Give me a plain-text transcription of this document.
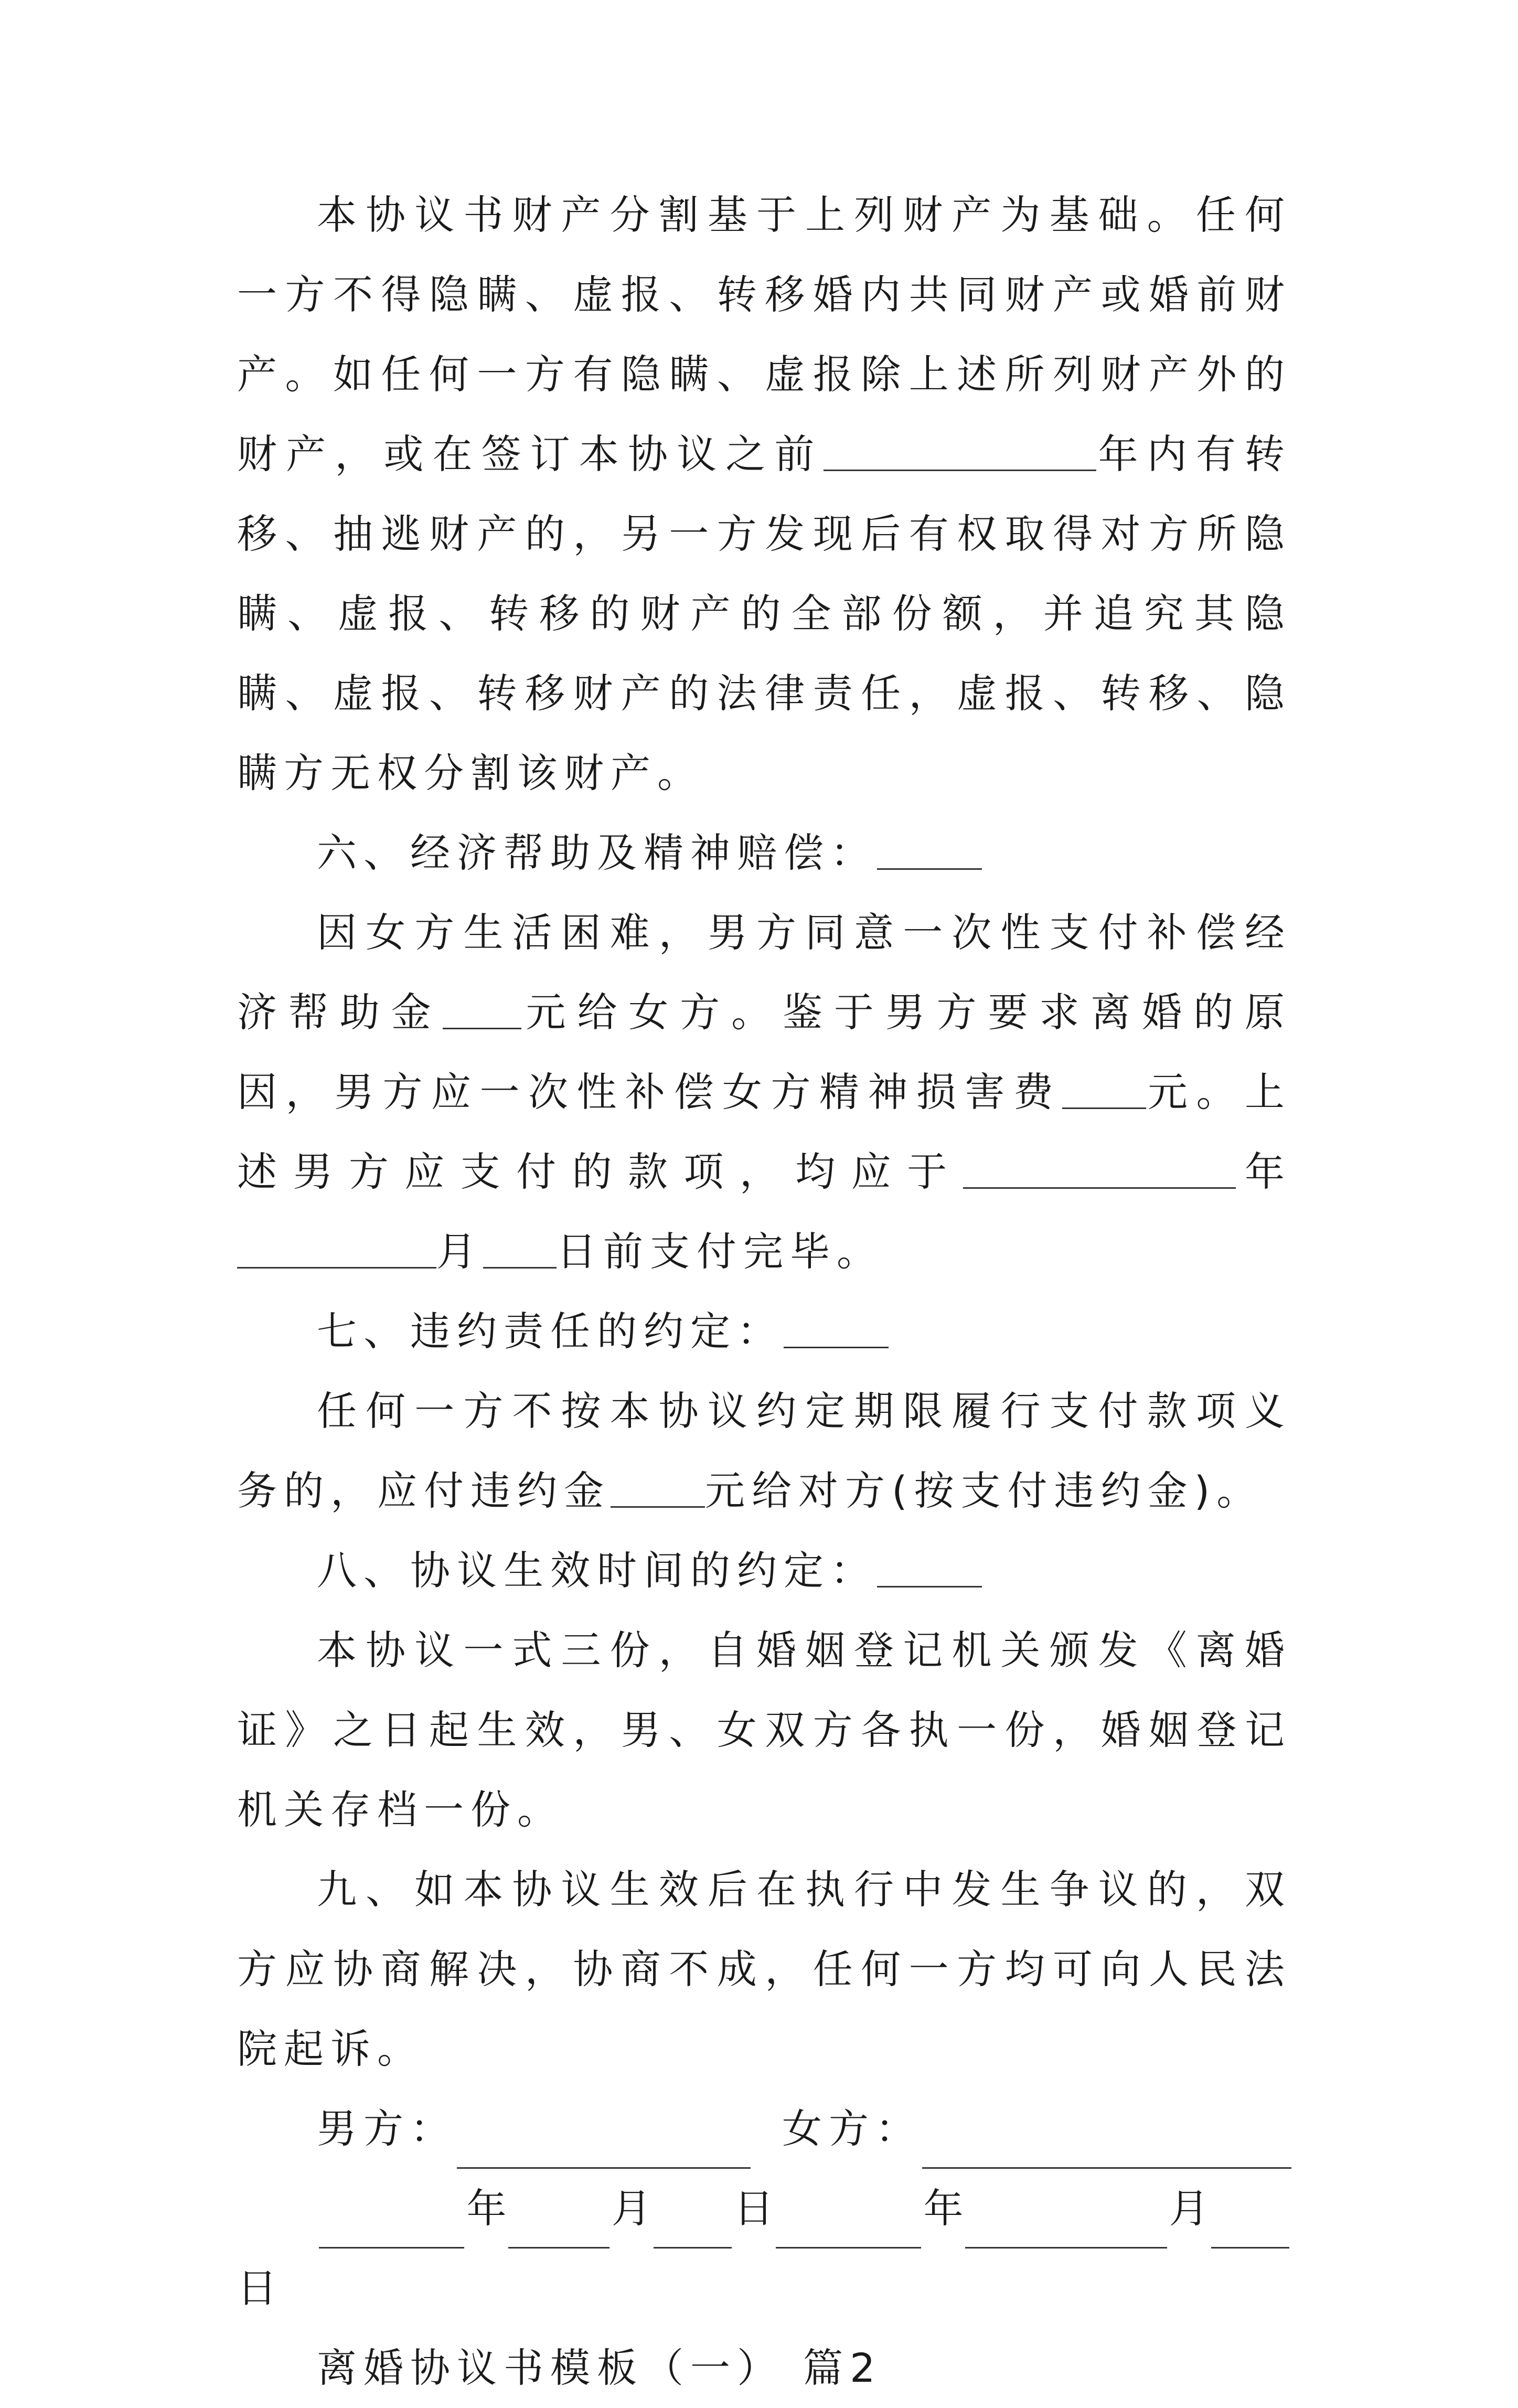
本协议书财产分割基于上列财产为基础。任何一方不得隐瞒、虚报、转移婚内共同财产或婚前财产。如任何一方有隐瞒、虚报除上述所列财产外的财产，或在签订本协议之前	年内有转移、抽逃财产的，另一方发现后有权取得对方所隐瞒、虚报、转移的财产的全部份额，并追究其隐瞒、虚报、转移财产的法律责任，虚报、转移、隐瞒方无权分割该财产。

六、经济帮助及精神赔偿：

因女方生活困难，男方同意一次性支付补偿经济帮助金 元给女方。鉴于男方要求离婚的原因，男方应一次性补偿女方精神损害费 元。上述男方应支付的款项，均应于	年月 日前支付完毕。

七、违约责任的约定：

任何一方不按本协议约定期限履行支付款项义务的，应付违约金 元给对方(按支付违约金)。

八、协议生效时间的约定：

本协议一式三份，自婚姻登记机关颁发《离婚证》之日起生效，男、女双方各执一份，婚姻登记机关存档一份。

九、如本协议生效后在执行中发生争议的，双方应协商解决，协商不成，任何一方均可向人民法院起诉。

男方：	女方：
年	月 日	年	月

日

离婚协议书模板（一） 篇2
